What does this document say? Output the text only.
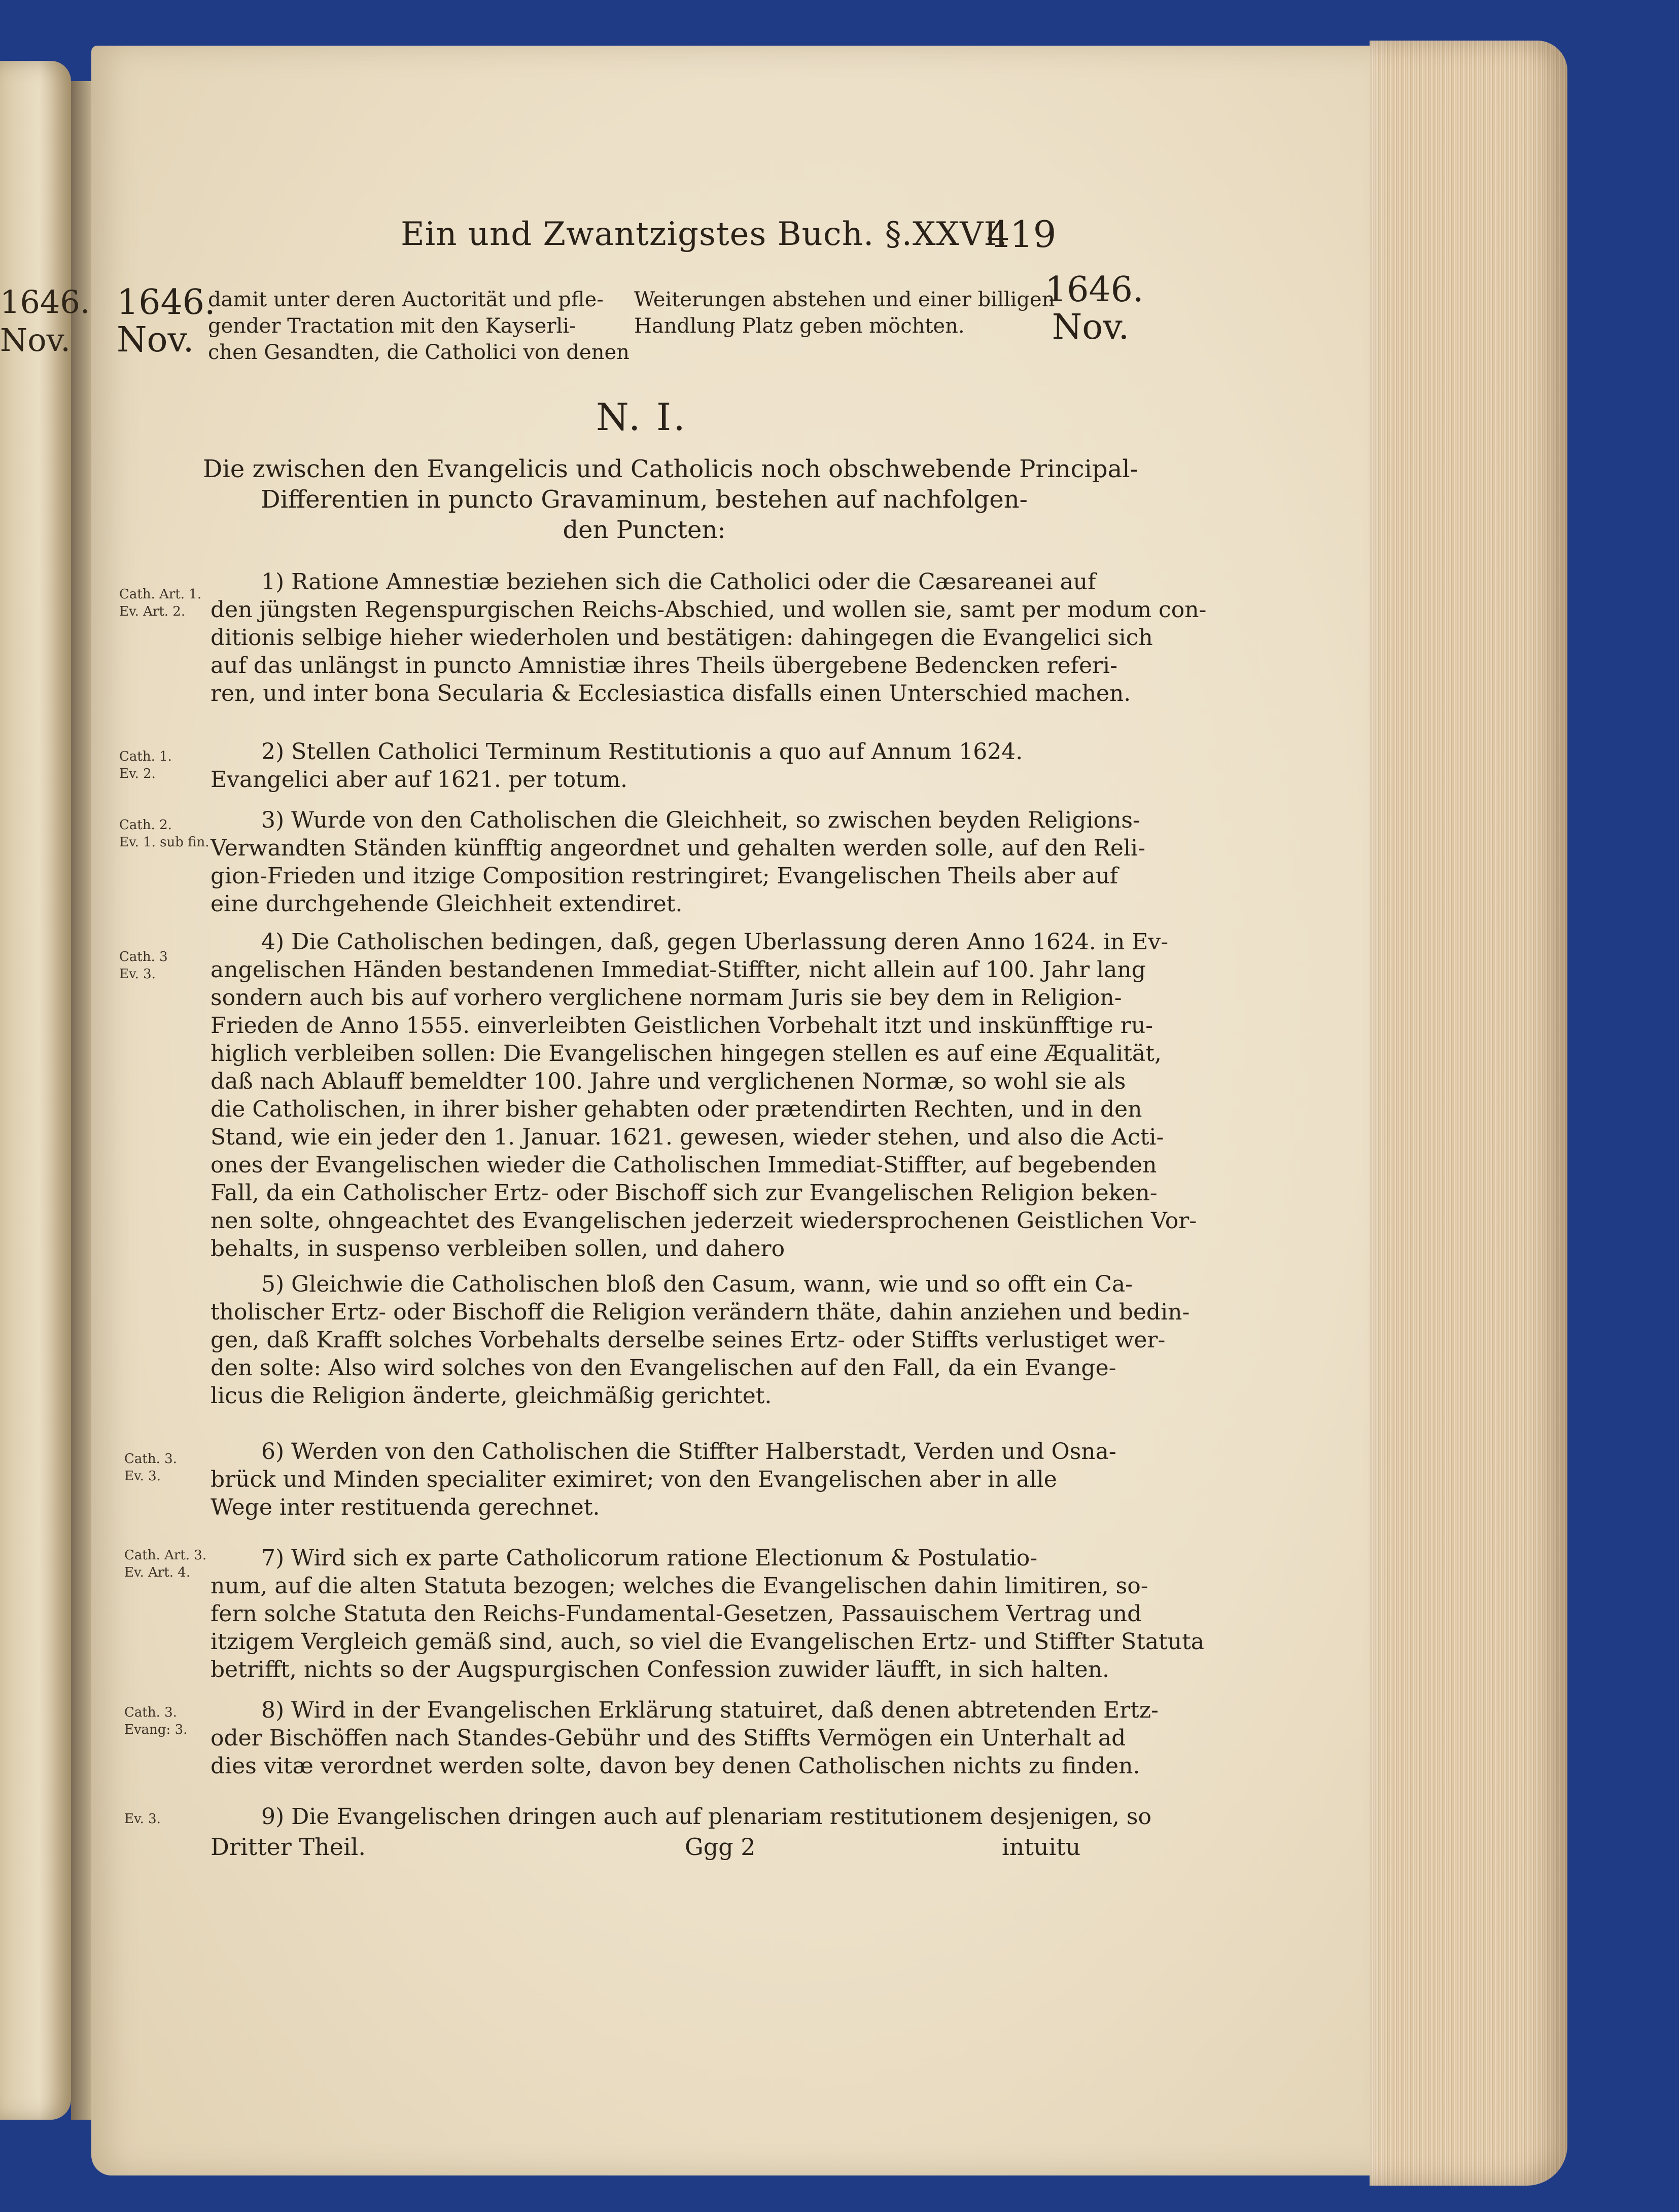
1646.
Nov.
Ein und Zwantzigstes Buch. §.XXVI.
419
1646.
Nov.
1646.
Nov.
damit unter deren Auctorität und pfle-
gender Tractation mit den Kayserli-
chen Gesandten, die Catholici von denen
Weiterungen abstehen und einer billigen
Handlung Platz geben möchten.
N. I.
Die zwischen den Evangelicis und Catholicis noch obschwebende Principal-
Differentien in puncto Gravaminum, bestehen auf nachfolgen-
den Puncten:
Cath. Art. 1.
Ev. Art. 2.

1) Ratione Amnestiæ beziehen sich die Catholici oder die Cæsareanei auf

den jüngsten Regenspurgischen Reichs-Abschied, und wollen sie, samt per modum con-

ditionis selbige hieher wiederholen und bestätigen: dahingegen die Evangelici sich

auf das unlängst in puncto Amnistiæ ihres Theils übergebene Bedencken referi-

ren, und inter bona Secularia & Ecclesiastica disfalls einen Unterschied machen.

Cath. 1.
Ev. 2.

2) Stellen Catholici Terminum Restitutionis a quo auf Annum 1624.

Evangelici aber auf 1621. per totum.

Cath. 2.
Ev. 1. sub fin.

3) Wurde von den Catholischen die Gleichheit, so zwischen beyden Religions-

Verwandten Ständen künfftig angeordnet und gehalten werden solle, auf den Reli-

gion-Frieden und itzige Composition restringiret; Evangelischen Theils aber auf

eine durchgehende Gleichheit extendiret.

Cath. 3
Ev. 3.

4) Die Catholischen bedingen, daß, gegen Uberlassung deren Anno 1624. in Ev-

angelischen Händen bestandenen Immediat-Stiffter, nicht allein auf 100. Jahr lang

sondern auch bis auf vorhero verglichene normam Juris sie bey dem in Religion-

Frieden de Anno 1555. einverleibten Geistlichen Vorbehalt itzt und inskünfftige ru-

higlich verbleiben sollen: Die Evangelischen hingegen stellen es auf eine Æqualität,

daß nach Ablauff bemeldter 100. Jahre und verglichenen Normæ, so wohl sie als

die Catholischen, in ihrer bisher gehabten oder prætendirten Rechten, und in den

Stand, wie ein jeder den 1. Januar. 1621. gewesen, wieder stehen, und also die Acti-

ones der Evangelischen wieder die Catholischen Immediat-Stiffter, auf begebenden

Fall, da ein Catholischer Ertz- oder Bischoff sich zur Evangelischen Religion beken-

nen solte, ohngeachtet des Evangelischen jederzeit wiedersprochenen Geistlichen Vor-

behalts, in suspenso verbleiben sollen, und dahero

5) Gleichwie die Catholischen bloß den Casum, wann, wie und so offt ein Ca-

tholischer Ertz- oder Bischoff die Religion verändern thäte, dahin anziehen und bedin-

gen, daß Krafft solches Vorbehalts derselbe seines Ertz- oder Stiffts verlustiget wer-

den solte: Also wird solches von den Evangelischen auf den Fall, da ein Evange-

licus die Religion änderte, gleichmäßig gerichtet.

Cath. 3.
Ev. 3.

6) Werden von den Catholischen die Stiffter Halberstadt, Verden und Osna-

brück und Minden specialiter eximiret; von den Evangelischen aber in alle

Wege inter restituenda gerechnet.

Cath. Art. 3.
Ev. Art. 4.

7) Wird sich ex parte Catholicorum ratione Electionum & Postulatio-

num, auf die alten Statuta bezogen; welches die Evangelischen dahin limitiren, so-

fern solche Statuta den Reichs-Fundamental-Gesetzen, Passauischem Vertrag und

itzigem Vergleich gemäß sind, auch, so viel die Evangelischen Ertz- und Stiffter Statuta

betrifft, nichts so der Augspurgischen Confession zuwider läufft, in sich halten.

Cath. 3.
Evang: 3.

8) Wird in der Evangelischen Erklärung statuiret, daß denen abtretenden Ertz-

oder Bischöffen nach Standes-Gebühr und des Stiffts Vermögen ein Unterhalt ad

dies vitæ verordnet werden solte, davon bey denen Catholischen nichts zu finden.

Ev. 3.	9) Die Evangelischen dringen auch auf plenariam restitutionem desjenigen, so

Dritter Theil.	Ggg 2	intuitu
